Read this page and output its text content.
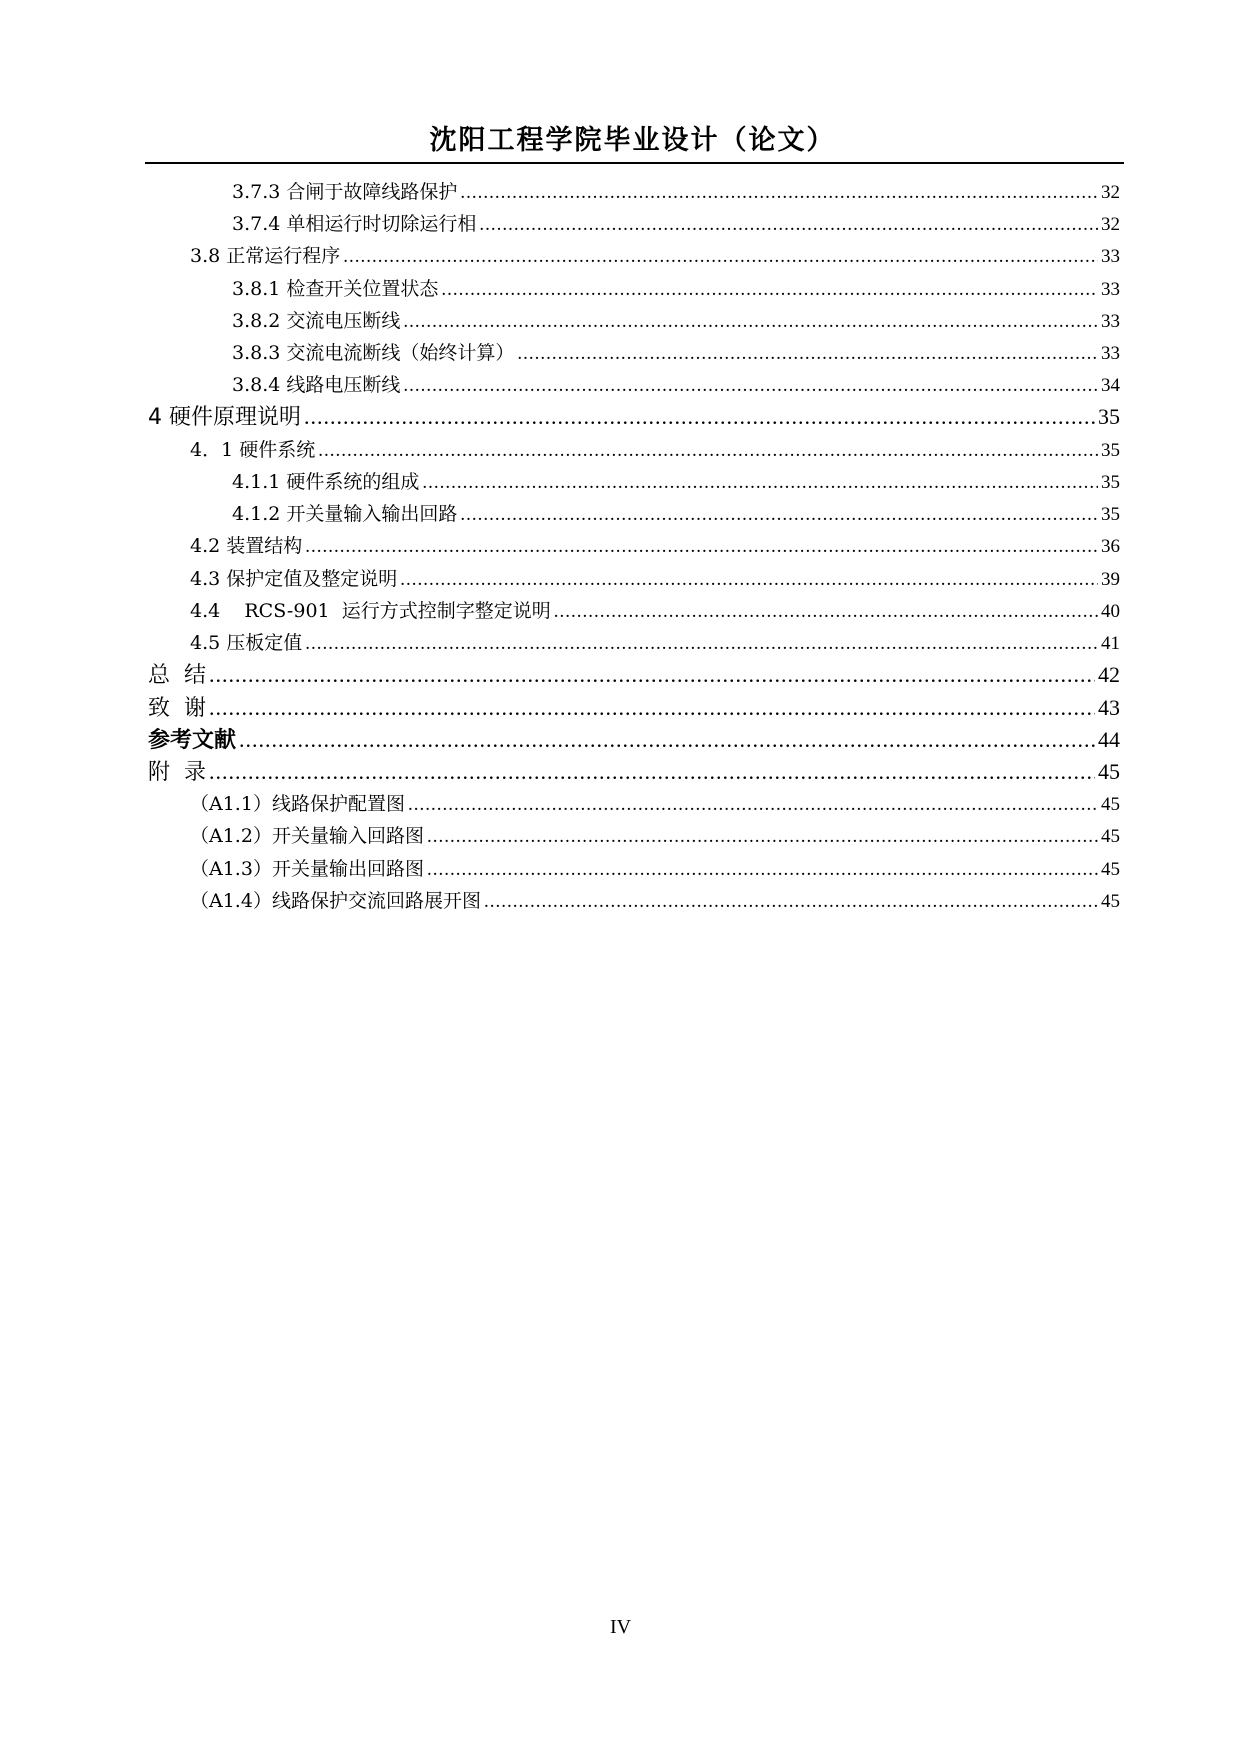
沈阳工程学院毕业设计（论文）
3.7.3 合闸于故障线路保护 .....	32
3.7.4 单相运行时切除运行相 .....	32
3.8 正常运行程序 .....	33
3.8.1 检查开关位置状态 .....	33
3.8.2 交流电压断线 .....	33
3.8.3 交流电流断线（始终计算） .....	33
3.8.4 线路电压断线 .....	34
4 硬件原理说明 .....	35
4．1 硬件系统 .....	35
4.1.1 硬件系统的组成 .....	35
4.1.2 开关量输入输出回路 .....	35
4.2 装置结构 .....	36
4.3 保护定值及整定说明 .....	39
4.4    RCS-901  运行方式控制字整定说明 .....	40
4.5 压板定值 .....	41
总  结 .....	42
致  谢 .....	43
参考文献 .....	44
附  录 .....	45
（A1.1）线路保护配置图 .....	45
（A1.2）开关量输入回路图 .....	45
（A1.3）开关量输出回路图 .....	45
（A1.4）线路保护交流回路展开图 .....	45
IV
